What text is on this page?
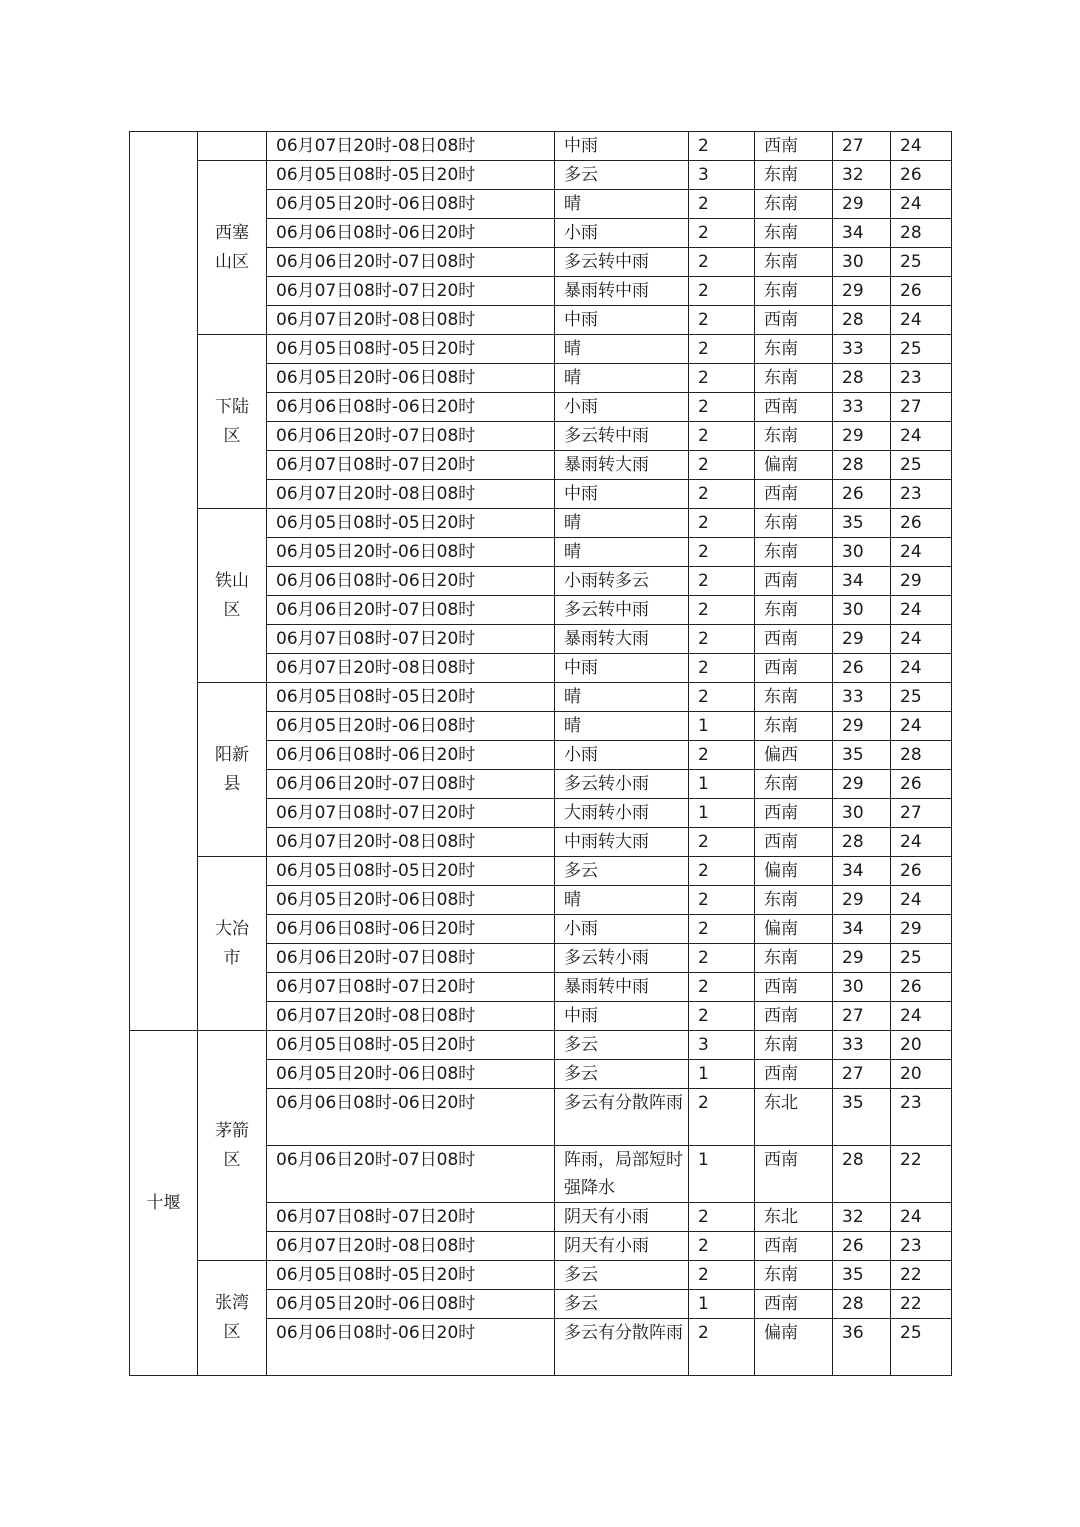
		06月07日20时-08日08时	中雨	2	西南	27	24
	西塞山区	06月05日08时-05日20时	多云	3	东南	32	26
		06月05日20时-06日08时	晴	2	东南	29	24
		06月06日08时-06日20时	小雨	2	东南	34	28
		06月06日20时-07日08时	多云转中雨	2	东南	30	25
		06月07日08时-07日20时	暴雨转中雨	2	东南	29	26
		06月07日20时-08日08时	中雨	2	西南	28	24
	下陆区	06月05日08时-05日20时	晴	2	东南	33	25
		06月05日20时-06日08时	晴	2	东南	28	23
		06月06日08时-06日20时	小雨	2	西南	33	27
		06月06日20时-07日08时	多云转中雨	2	东南	29	24
		06月07日08时-07日20时	暴雨转大雨	2	偏南	28	25
		06月07日20时-08日08时	中雨	2	西南	26	23
	铁山区	06月05日08时-05日20时	晴	2	东南	35	26
		06月05日20时-06日08时	晴	2	东南	30	24
		06月06日08时-06日20时	小雨转多云	2	西南	34	29
		06月06日20时-07日08时	多云转中雨	2	东南	30	24
		06月07日08时-07日20时	暴雨转大雨	2	西南	29	24
		06月07日20时-08日08时	中雨	2	西南	26	24
	阳新县	06月05日08时-05日20时	晴	2	东南	33	25
		06月05日20时-06日08时	晴	1	东南	29	24
		06月06日08时-06日20时	小雨	2	偏西	35	28
		06月06日20时-07日08时	多云转小雨	1	东南	29	26
		06月07日08时-07日20时	大雨转小雨	1	西南	30	27
		06月07日20时-08日08时	中雨转大雨	2	西南	28	24
	大冶市	06月05日08时-05日20时	多云	2	偏南	34	26
		06月05日20时-06日08时	晴	2	东南	29	24
		06月06日08时-06日20时	小雨	2	偏南	34	29
		06月06日20时-07日08时	多云转小雨	2	东南	29	25
		06月07日08时-07日20时	暴雨转中雨	2	西南	30	26
		06月07日20时-08日08时	中雨	2	西南	27	24
十堰	茅箭区	06月05日08时-05日20时	多云	3	东南	33	20
		06月05日20时-06日08时	多云	1	西南	27	20
		06月06日08时-06日20时	多云有分散阵雨	2	东北	35	23
		06月06日20时-07日08时	阵雨，局部短时强降水	1	西南	28	22
		06月07日08时-07日20时	阴天有小雨	2	东北	32	24
		06月07日20时-08日08时	阴天有小雨	2	西南	26	23
	张湾区	06月05日08时-05日20时	多云	2	东南	35	22
		06月05日20时-06日08时	多云	1	西南	28	22
		06月06日08时-06日20时	多云有分散阵雨	2	偏南	36	25
